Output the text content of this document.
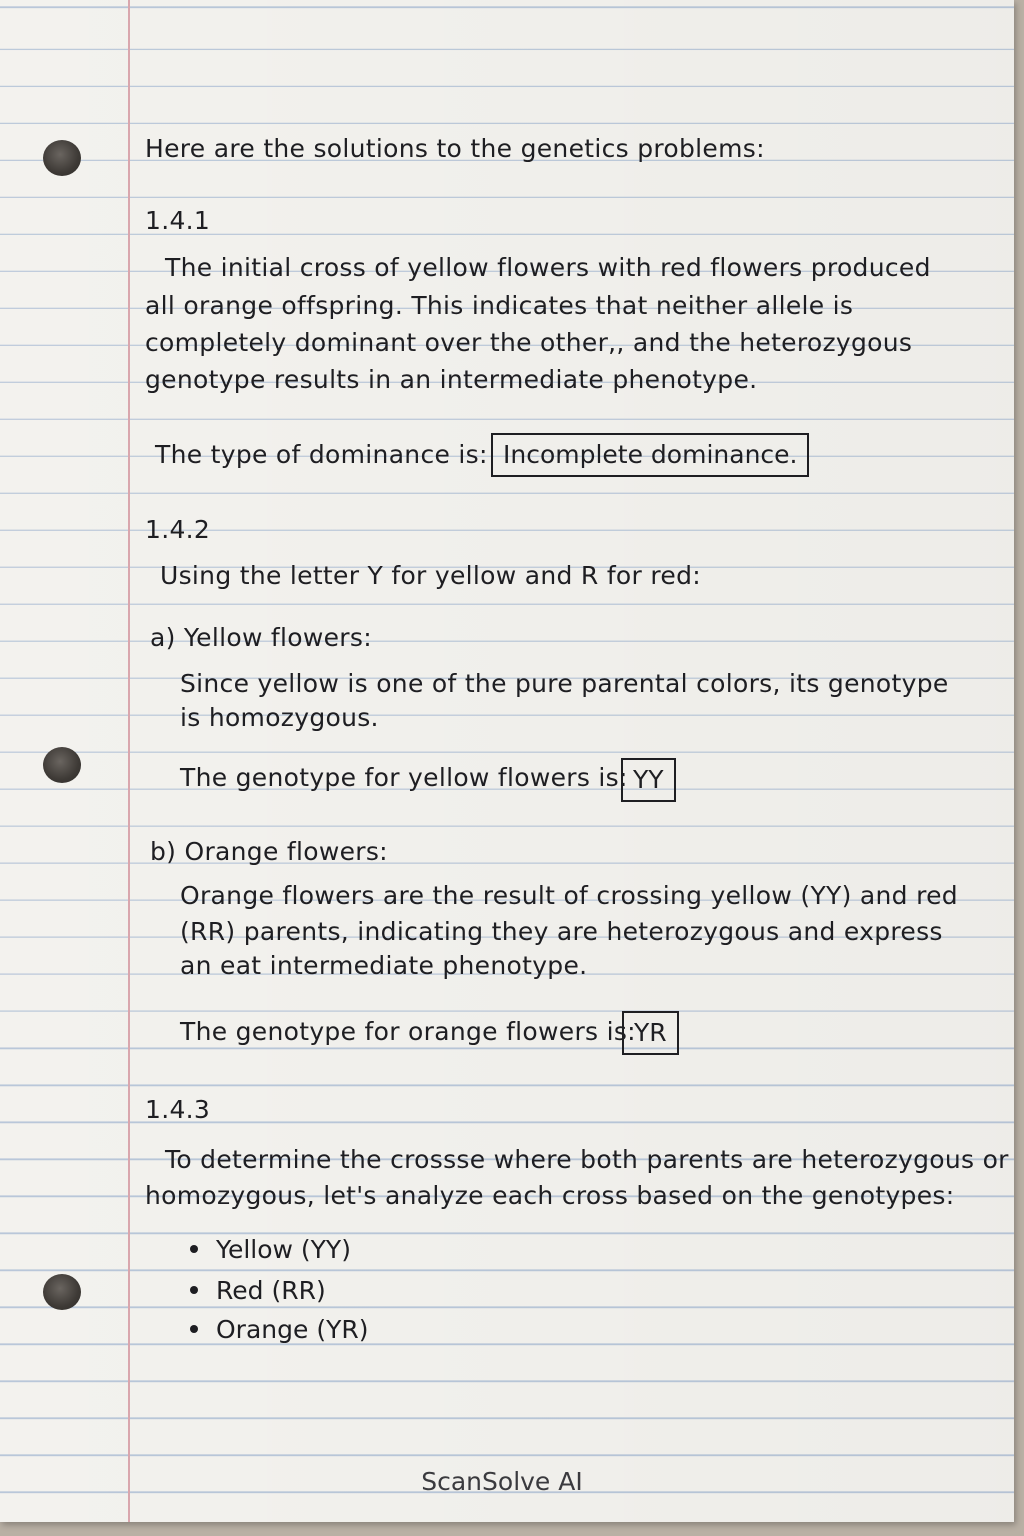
Here are the solutions to the genetics problems:
1.4.1
The initial cross of yellow flowers with red flowers produced
all orange offspring. This indicates that neither allele is
completely dominant over the other,, and the heterozygous
genotype results in an intermediate phenotype.
The type of dominance is: Incomplete dominance.
1.4.2
Using the letter Y for yellow and R for red:
a) Yellow flowers:
Since yellow is one of the pure parental colors, its genotype
is homozygous.
The genotype for yellow flowers is: YY
b) Orange flowers:
Orange flowers are the result of crossing yellow (YY) and red
(RR) parents, indicating they are heterozygous and express
an eat intermediate phenotype.
The genotype for orange flowers is:
YR
1.4.3
To determine the crossse where both parents are heterozygous or
homozygous, let's analyze each cross based on the genotypes:
Yellow (YY)
Red (RR)
Orange (YR)
ScanSolve AI
